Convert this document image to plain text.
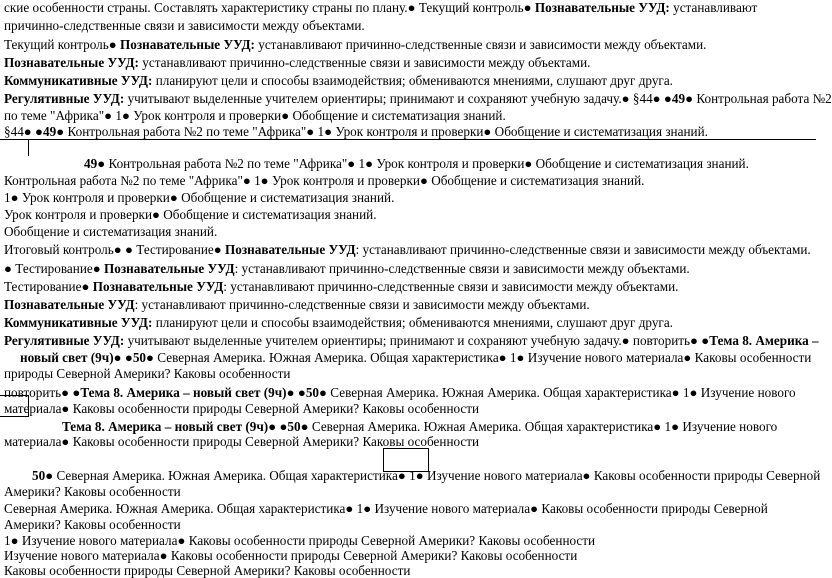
ские особенности страны. Составлять характеристику страны по плану.● Текущий контроль● Познавательные УУД: устанавливают
причинно-следственные связи и зависимости между объектами.
Текущий контроль● Познавательные УУД: устанавливают причинно-следственные связи и зависимости между объектами.
Познавательные УУД: устанавливают причинно-следственные связи и зависимости между объектами.
Коммуникативные УУД: планируют цели и способы взаимодействия; обмениваются мнениями, слушают друг друга.
Регулятивные УУД: учитывают выделенные учителем ориентиры; принимают и сохраняют учебную задачу.● §44● ●49● Контрольная работа №2
по теме "Африка"● 1● Урок контроля и проверки● Обобщение и систематизация знаний.
§44● ●49● Контрольная работа №2 по теме "Африка"● 1● Урок контроля и проверки● Обобщение и систематизация знаний.
49● Контрольная работа №2 по теме "Африка"● 1● Урок контроля и проверки● Обобщение и систематизация знаний.
Контрольная работа №2 по теме "Африка"● 1● Урок контроля и проверки● Обобщение и систематизация знаний.
1● Урок контроля и проверки● Обобщение и систематизация знаний.
Урок контроля и проверки● Обобщение и систематизация знаний.
Обобщение и систематизация знаний.
Итоговый контроль● ● Тестирование● Познавательные УУД: устанавливают причинно-следственные связи и зависимости между объектами.
● Тестирование● Познавательные УУД: устанавливают причинно-следственные связи и зависимости между объектами.
Тестирование● Познавательные УУД: устанавливают причинно-следственные связи и зависимости между объектами.
Познавательные УУД: устанавливают причинно-следственные связи и зависимости между объектами.
Коммуникативные УУД: планируют цели и способы взаимодействия; обмениваются мнениями, слушают друг друга.
Регулятивные УУД: учитывают выделенные учителем ориентиры; принимают и сохраняют учебную задачу.● повторить● ●Тема 8. Америка –
новый свет (9ч)● ●50● Северная Америка. Южная Америка. Общая характеристика● 1● Изучение нового материала● Каковы особенности
природы Северной Америки? Каковы особенности
повторить● ●Тема 8. Америка – новый свет (9ч)● ●50● Северная Америка. Южная Америка. Общая характеристика● 1● Изучение нового
материала● Каковы особенности природы Северной Америки? Каковы особенности
Тема 8. Америка – новый свет (9ч)● ●50● Северная Америка. Южная Америка. Общая характеристика● 1● Изучение нового
материала● Каковы особенности природы Северной Америки? Каковы особенности
50● Северная Америка. Южная Америка. Общая характеристика● 1● Изучение нового материала● Каковы особенности природы Северной
Америки? Каковы особенности
Северная Америка. Южная Америка. Общая характеристика● 1● Изучение нового материала● Каковы особенности природы Северной
Америки? Каковы особенности
1● Изучение нового материала● Каковы особенности природы Северной Америки? Каковы особенности
Изучение нового материала● Каковы особенности природы Северной Америки? Каковы особенности
Каковы особенности природы Северной Америки? Каковы особенности
